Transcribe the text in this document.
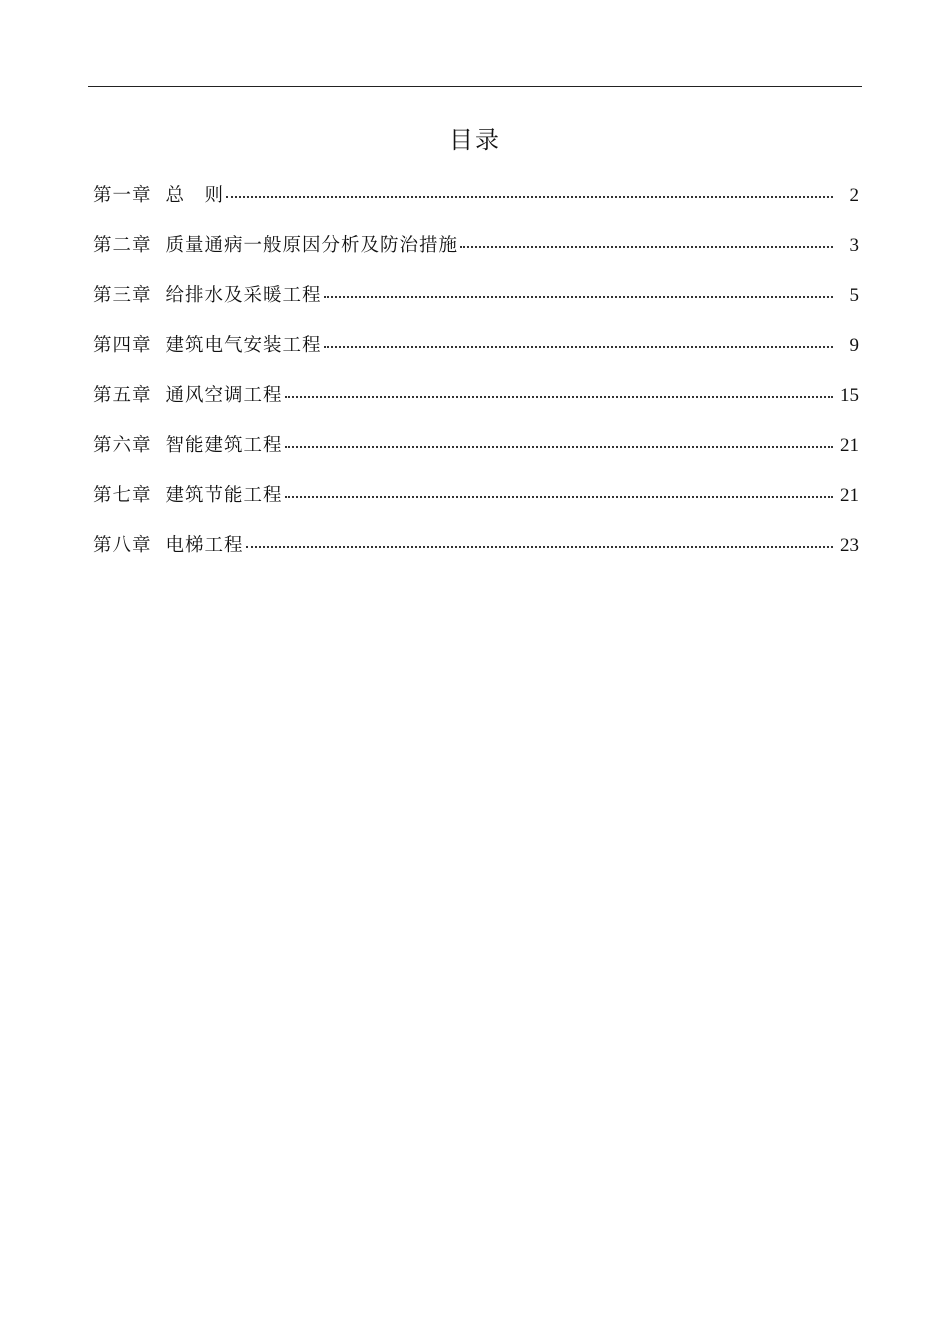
目录
第一章 总　则	2
第二章 质量通病一般原因分析及防治措施	3
第三章 给排水及采暖工程	5
第四章 建筑电气安装工程	9
第五章 通风空调工程	15
第六章 智能建筑工程	21
第七章 建筑节能工程	21
第八章 电梯工程	23
